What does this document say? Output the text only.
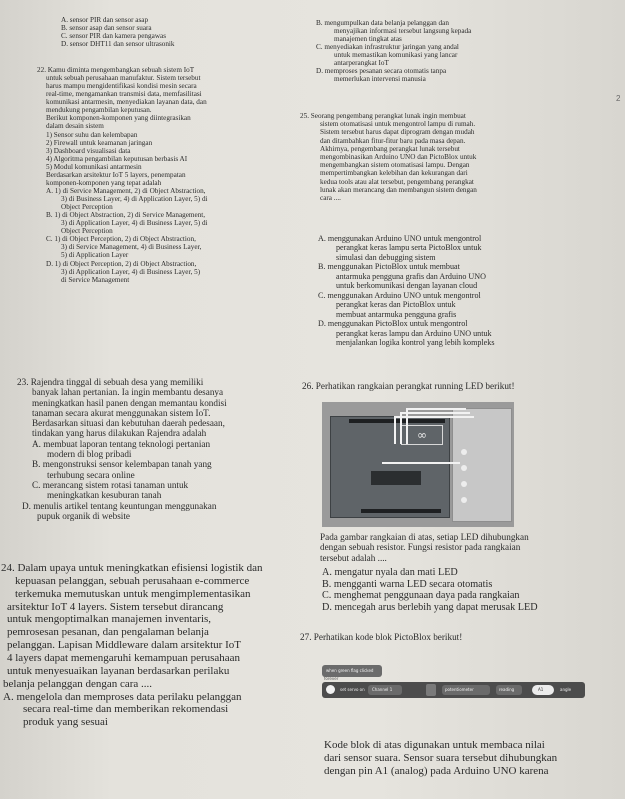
A. sensor PIR dan sensor asap

B. sensor asap dan sensor suara

C. sensor PIR dan kamera pengawas

D. sensor DHT11 dan sensor ultrasonik

22. Kamu diminta mengembangkan sebuah sistem IoT

untuk sebuah perusahaan manufaktur. Sistem tersebut

harus mampu mengidentifikasi kondisi mesin secara

real-time, mengamankan transmisi data, memfasilitasi

komunikasi antarmesin, menyediakan layanan data, dan

mendukung pengambilan keputusan.

Berikut komponen-komponen yang diintegrasikan

dalam desain sistem

1) Sensor suhu dan kelembapan

2) Firewall untuk keamanan jaringan

3) Dashboard visualisasi data

4) Algoritma pengambilan keputusan berbasis AI

5) Modul komunikasi antarmesin

Berdasarkan arsitektur IoT 5 layers, penempatan

komponen-komponen yang tepat adalah

A. 1) di Service Management, 2) di Object Abstraction,

3) di Business Layer, 4) di Application Layer, 5) di

Object Perception

B. 1) di Object Abstraction, 2) di Service Management,

3) di Application Layer, 4) di Business Layer, 5) di

Object Perception

C. 1) di Object Perception, 2) di Object Abstraction,

3) di Service Management, 4) di Business Layer,

5) di Application Layer

D. 1) di Object Perception, 2) di Object Abstraction,

3) di Application Layer, 4) di Business Layer, 5)

di Service Management

23. Rajendra tinggal di sebuah desa yang memiliki

banyak lahan pertanian. Ia ingin membantu desanya

meningkatkan hasil panen dengan memantau kondisi

tanaman secara akurat menggunakan sistem IoT.

Berdasarkan situasi dan kebutuhan daerah pedesaan,

tindakan yang harus dilakukan Rajendra adalah

A. membuat laporan tentang teknologi pertanian

modern di blog pribadi

B. mengonstruksi sensor kelembapan tanah yang

terhubung secara online

C. merancang sistem rotasi tanaman untuk

meningkatkan kesuburan tanah

D. menulis artikel tentang keuntungan menggunakan

pupuk organik di website

24. Dalam upaya untuk meningkatkan efisiensi logistik dan

kepuasan pelanggan, sebuah perusahaan e-commerce

terkemuka memutuskan untuk mengimplementasikan

arsitektur IoT 4 layers. Sistem tersebut dirancang

untuk mengoptimalkan manajemen inventaris,

pemrosesan pesanan, dan pengalaman belanja

pelanggan. Lapisan Middleware dalam arsitektur IoT

4 layers dapat memengaruhi kemampuan perusahaan

untuk menyesuaikan layanan berdasarkan perilaku

belanja pelanggan dengan cara ....

A. mengelola dan memproses data perilaku pelanggan

secara real-time dan memberikan rekomendasi

produk yang sesuai

B. mengumpulkan data belanja pelanggan dan

menyajikan informasi tersebut langsung kepada

manajemen tingkat atas

C. menyediakan infrastruktur jaringan yang andal

untuk memastikan komunikasi yang lancar

antarperangkat IoT

D. memproses pesanan secara otomatis tanpa

memerlukan intervensi manusia

25. Seorang pengembang perangkat lunak ingin membuat

sistem otomatisasi untuk mengontrol lampu di rumah.

Sistem tersebut harus dapat diprogram dengan mudah

dan ditambahkan fitur-fitur baru pada masa depan.

Akhirnya, pengembang perangkat lunak tersebut

mengombinasikan Arduino UNO dan PictoBlox untuk

mengembangkan sistem otomatisasi lampu. Dengan

mempertimbangkan kelebihan dan kekurangan dari

kedua tools atau alat tersebut, pengembang perangkat

lunak akan merancang dan membangun sistem dengan

cara ....

A. menggunakan Arduino UNO untuk mengontrol

perangkat keras lampu serta PictoBlox untuk

simulasi dan debugging sistem

B. menggunakan PictoBlox untuk membuat

antarmuka pengguna grafis dan Arduino UNO

untuk berkomunikasi dengan layanan cloud

C. menggunakan Arduino UNO untuk mengontrol

perangkat keras dan PictoBlox untuk

membuat antarmuka pengguna grafis

D. menggunakan PictoBlox untuk mengontrol

perangkat keras lampu dan Arduino UNO untuk

menjalankan logika kontrol yang lebih kompleks

26. Perhatikan rangkaian perangkat running LED berikut!
∞

Pada gambar rangkaian di atas, setiap LED dihubungkan

dengan sebuah resistor. Fungsi resistor pada rangkaian

tersebut adalah ....

A. mengatur nyala dan mati LED

B. mengganti warna LED secara otomatis

C. menghemat penggunaan daya pada rangkaian

D. mencegah arus berlebih yang dapat merusak LED

27. Perhatikan kode blok PictoBlox berikut!
when green flag clicked
forever
set servo on Channel 1	potentiometer	reading	A1	angle

Kode blok di atas digunakan untuk membaca nilai

dari sensor suara. Sensor suara tersebut dihubungkan

dengan pin A1 (analog) pada Arduino UNO karena

2
